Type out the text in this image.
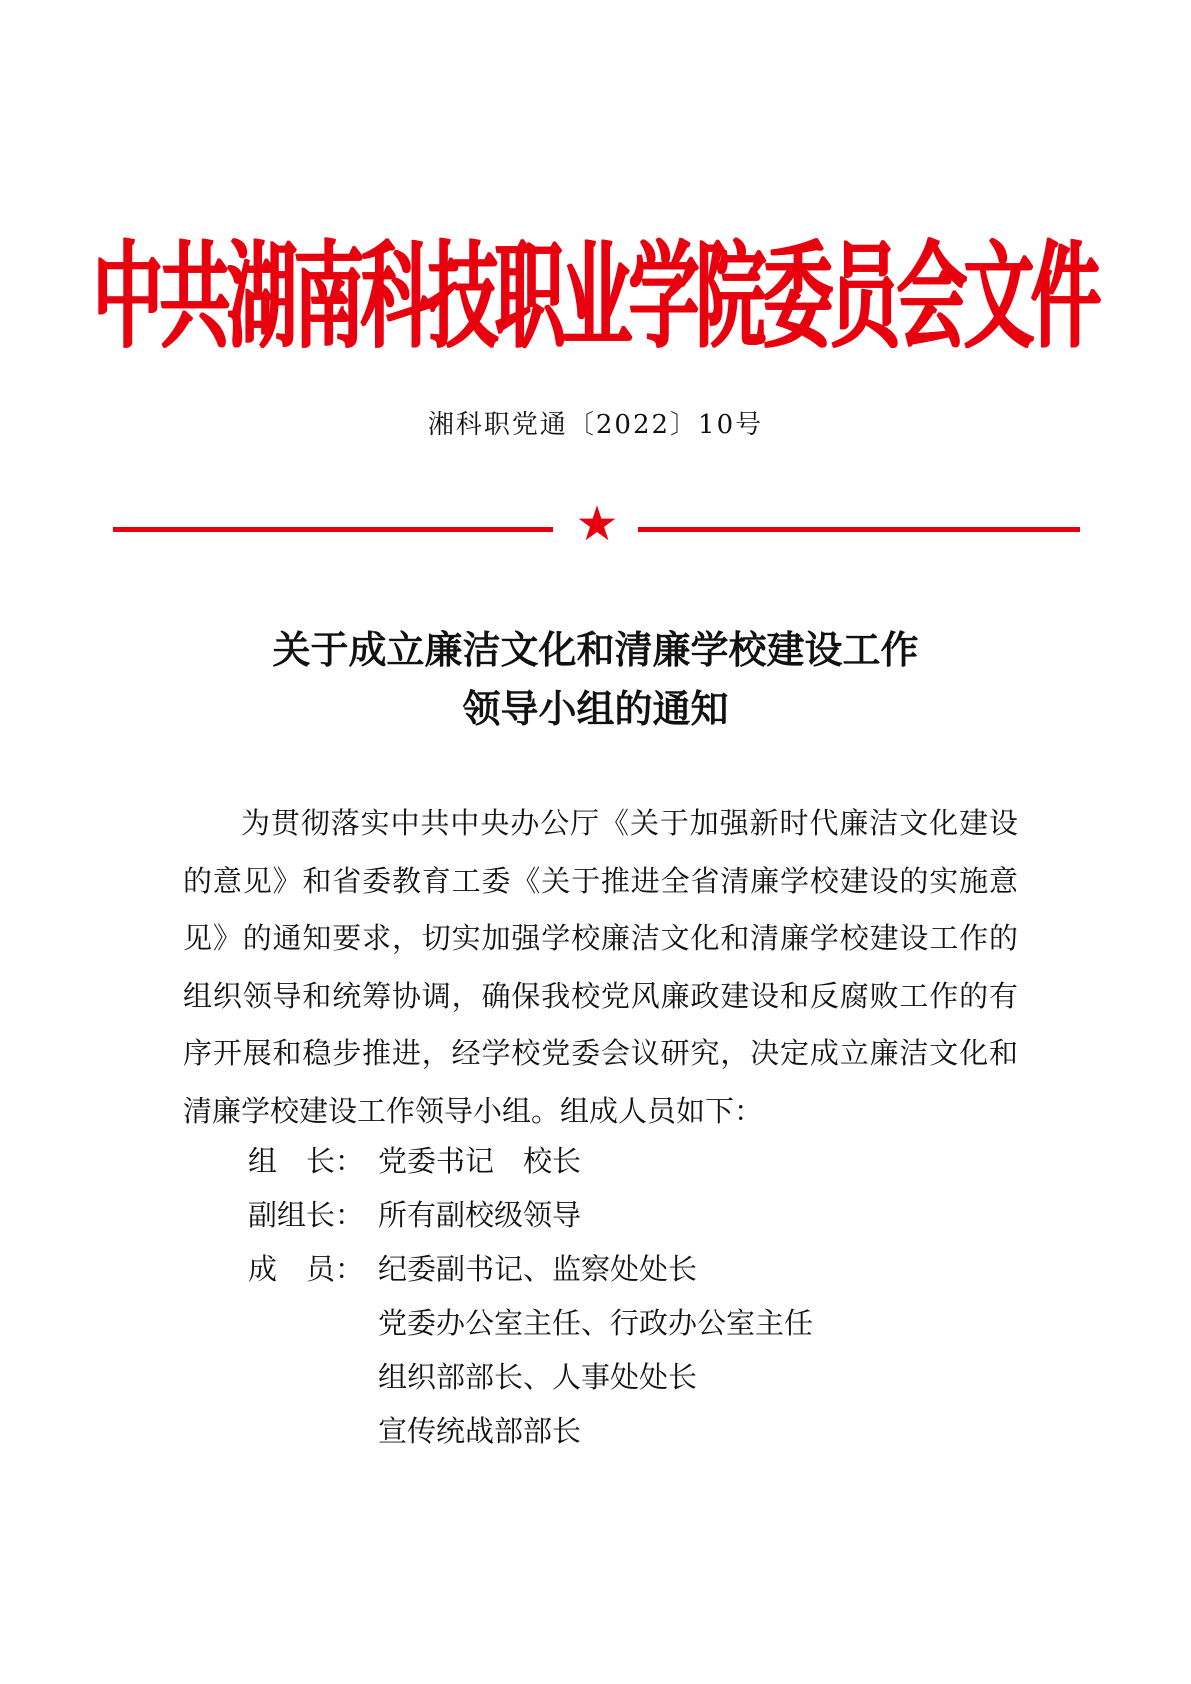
中共湖南科技职业学院委员会文件
湘科职党通〔2022〕10号
★
关于成立廉洁文化和清廉学校建设工作
领导小组的通知

为贯彻落实中共中央办公厅《关于加强新时代廉洁文化建设的意见》和省委教育工委《关于推进全省清廉学校建设的实施意见》的通知要求，切实加强学校廉洁文化和清廉学校建设工作的组织领导和统筹协调，确保我校党风廉政建设和反腐败工作的有序开展和稳步推进，经学校党委会议研究，决定成立廉洁文化和清廉学校建设工作领导小组。组成人员如下：

组　长： 党委书记　校长
副组长： 所有副校级领导
成　员： 纪委副书记、监察处处长
党委办公室主任、行政办公室主任
组织部部长、人事处处长
宣传统战部部长
